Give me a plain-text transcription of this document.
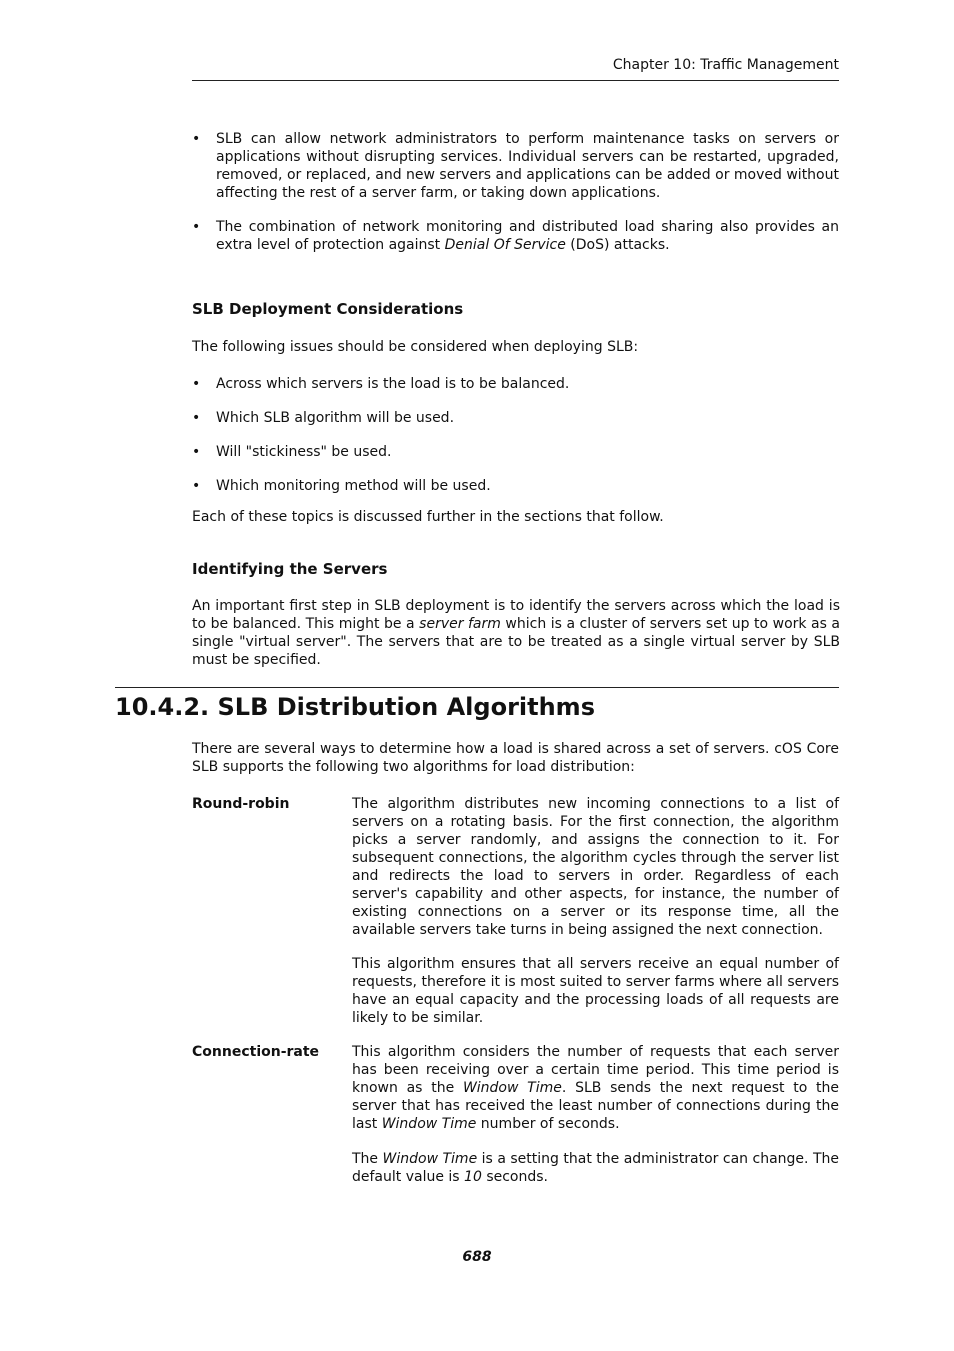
Chapter 10: Traffic Management
• SLB can allow network administrators to perform maintenance tasks on servers or applications without disrupting services. Individual servers can be restarted, upgraded, removed, or replaced, and new servers and applications can be added or moved without affecting the rest of a server farm, or taking down applications.

• The combination of network monitoring and distributed load sharing also provides an extra level of protection against Denial Of Service (DoS) attacks.

SLB Deployment Considerations

The following issues should be considered when deploying SLB:

• Across which servers is the load is to be balanced.

• Which SLB algorithm will be used.

• Will "stickiness" be used.

• Which monitoring method will be used.

Each of these topics is discussed further in the sections that follow.

Identifying the Servers

An important first step in SLB deployment is to identify the servers across which the load is to be balanced. This might be a server farm which is a cluster of servers set up to work as a single "virtual server". The servers that are to be treated as a single virtual server by SLB must be specified.

10.4.2. SLB Distribution Algorithms

There are several ways to determine how a load is shared across a set of servers. cOS Core SLB supports the following two algorithms for load distribution:

Round-robin	The algorithm distributes new incoming connections to a list of servers on a rotating basis. For the first connection, the algorithm picks a server randomly, and assigns the connection to it. For subsequent connections, the algorithm cycles through the server list and redirects the load to servers in order. Regardless of each server's capability and other aspects, for instance, the number of existing connections on a server or its response time, all the available servers take turns in being assigned the next connection.

This algorithm ensures that all servers receive an equal number of requests, therefore it is most suited to server farms where all servers have an equal capacity and the processing loads of all requests are likely to be similar.

Connection-rate This algorithm considers the number of requests that each server has been receiving over a certain time period. This time period is known as the Window Time. SLB sends the next request to the server that has received the least number of connections during the last Window Time number of seconds.

The Window Time is a setting that the administrator can change. The default value is 10 seconds.

688
